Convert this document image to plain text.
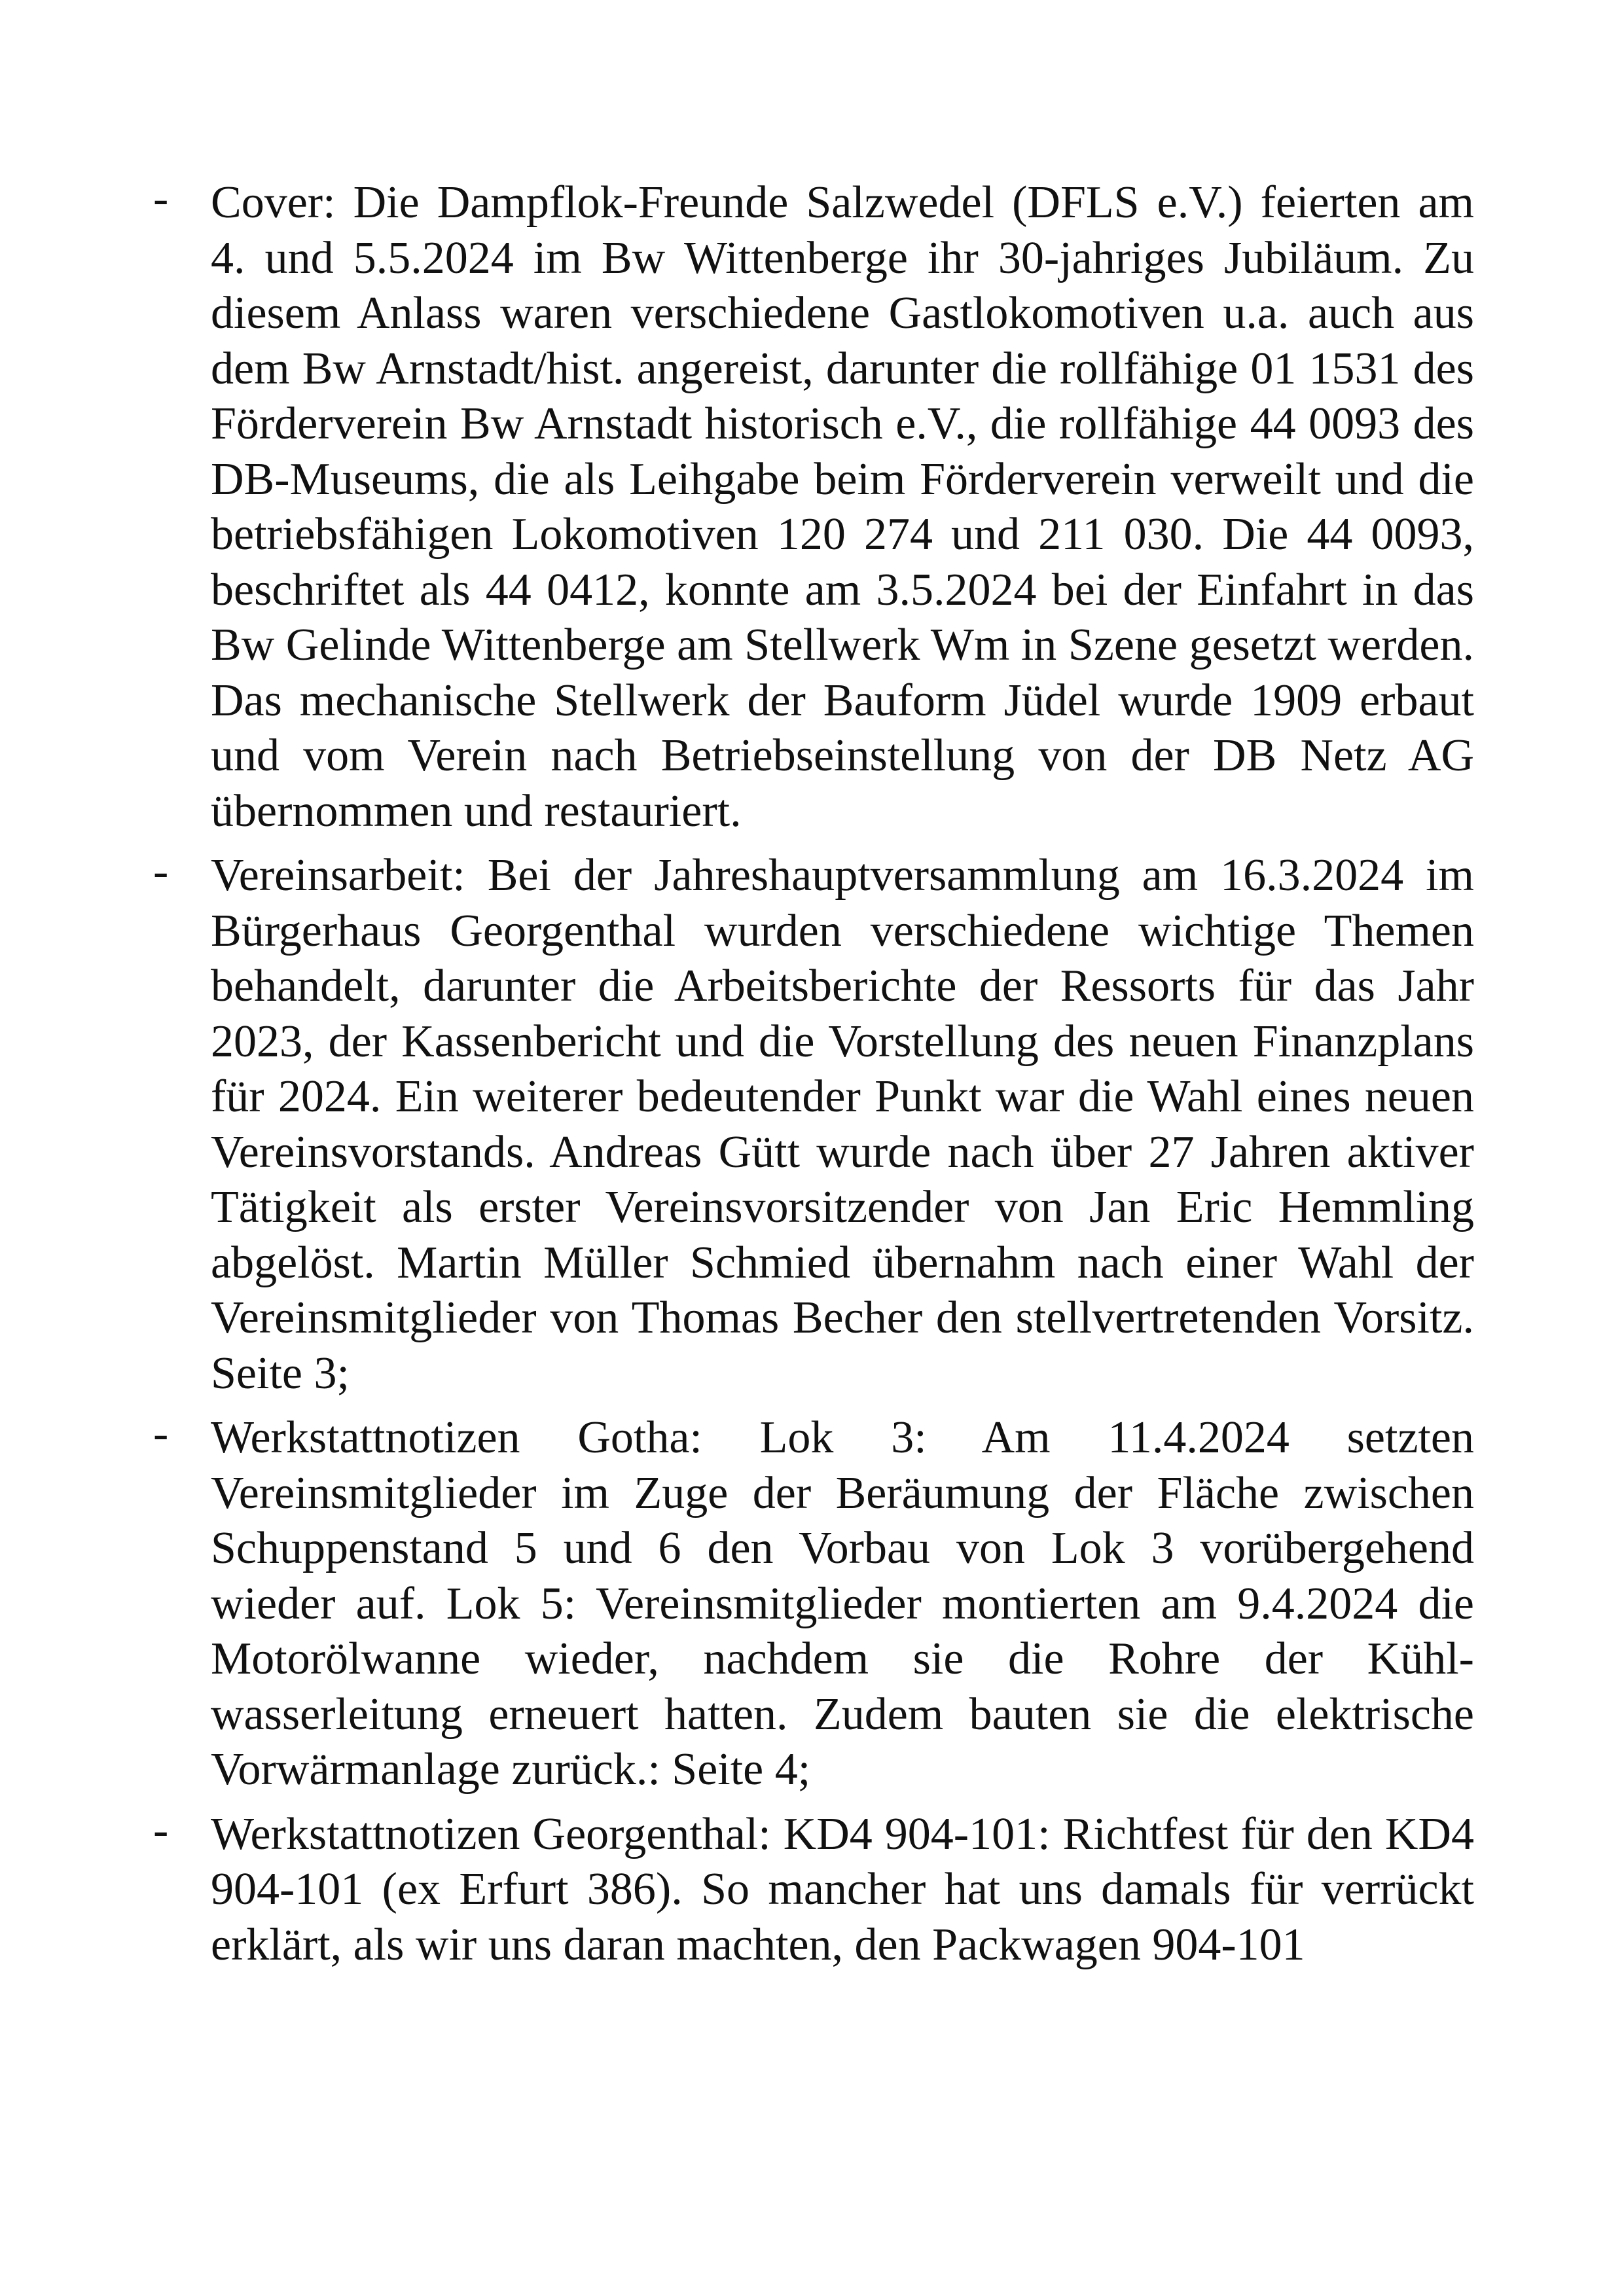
- Cover: Die Dampflok-Freunde Salzwedel (DFLS e.V.) feierten am 4. und 5.5.2024 im Bw Wittenberge ihr 30-jahriges Jubiläum. Zu diesem Anlass waren verschiedene Gastlokomotiven u.a. auch aus dem Bw Arnstadt/hist. angereist, darunter die rollfähige 01 1531 des Förderverein Bw Arnstadt historisch e.V., die rollfähige 44 0093 des DB-Museums, die als Leihgabe beim Förderverein verweilt und die betriebsfähigen Lokomotiven 120 274 und 211 030. Die 44 0093, beschriftet als 44 0412, konnte am 3.5.2024 bei der Einfahrt in das Bw Gelinde Wittenberge am Stellwerk Wm in Szene gesetzt werden. Das mechanische Stellwerk der Bauform Jüdel wurde 1909 erbaut und vom Verein nach Betriebseinstellung von der DB Netz AG übernommen und restauriert.

- Vereinsarbeit: Bei der Jahreshauptversammlung am 16.3.2024 im Bürgerhaus Georgenthal wurden verschiedene wichtige Themen behandelt, darunter die Arbeitsberichte der Ressorts für das Jahr 2023, der Kassenbericht und die Vorstellung des neuen Finanzplans für 2024. Ein weiterer bedeutender Punkt war die Wahl eines neuen Vereinsvorstands. Andreas Gütt wurde nach über 27 Jahren aktiver Tätigkeit als erster Vereinsvorsitzender von Jan Eric Hemmling abgelöst. Martin Müller Schmied übernahm nach einer Wahl der Vereinsmitglieder von Thomas Becher den stellvertretenden Vorsitz. Seite 3;

- Werkstattnotizen Gotha: Lok 3: Am 11.4.2024 setzten Vereinsmitglieder im Zuge der Beräumung der Fläche zwischen Schuppenstand 5 und 6 den Vorbau von Lok 3 vorübergehend wieder auf. Lok 5: Vereinsmitglieder montierten am 9.4.2024 die Motorölwanne wieder, nachdem sie die Rohre der Kühl-wasserleitung erneuert hatten. Zudem bauten sie die elektrische Vorwärmanlage zurück.: Seite 4;

- Werkstattnotizen Georgenthal: KD4 904-101: Richtfest für den KD4 904-101 (ex Erfurt 386). So mancher hat uns damals für verrückt erklärt, als wir uns daran machten, den Packwagen 904-101
